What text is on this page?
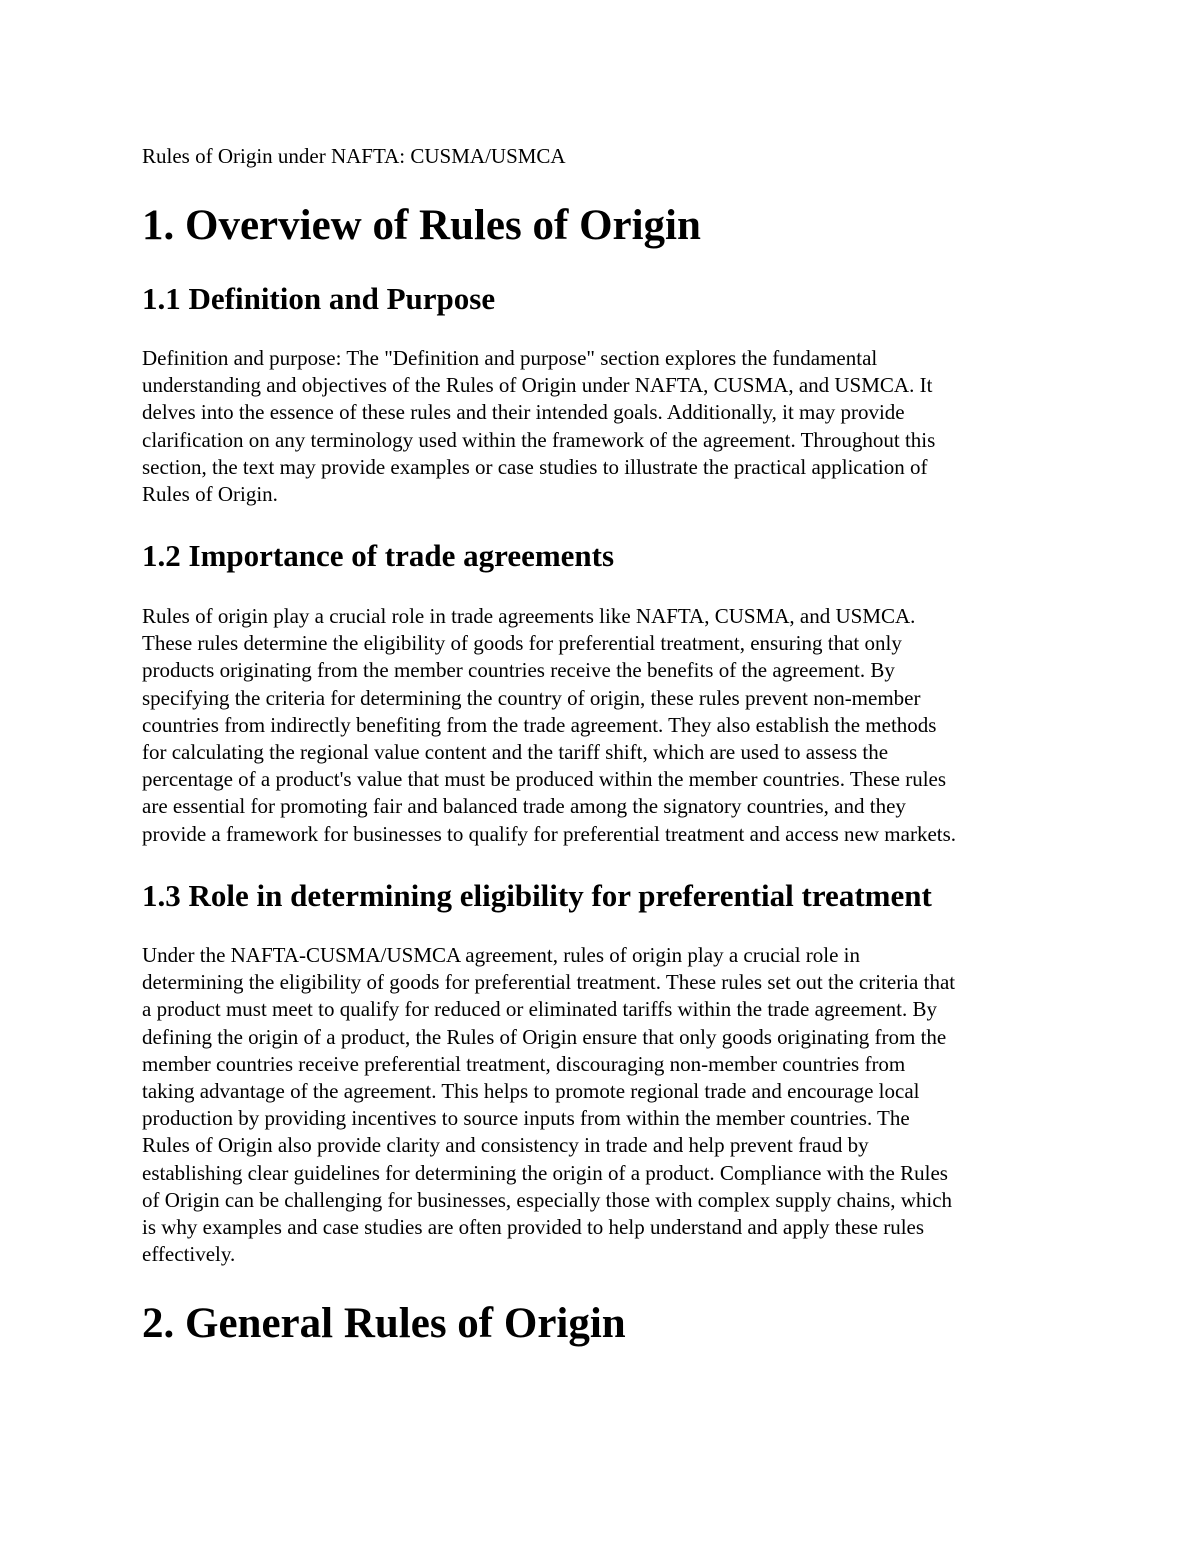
Rules of Origin under NAFTA: CUSMA/USMCA
1. Overview of Rules of Origin
1.1 Definition and Purpose
Definition and purpose: The "Definition and purpose" section explores the fundamental
understanding and objectives of the Rules of Origin under NAFTA, CUSMA, and USMCA. It
delves into the essence of these rules and their intended goals. Additionally, it may provide
clarification on any terminology used within the framework of the agreement. Throughout this
section, the text may provide examples or case studies to illustrate the practical application of
Rules of Origin.
1.2 Importance of trade agreements
Rules of origin play a crucial role in trade agreements like NAFTA, CUSMA, and USMCA.
These rules determine the eligibility of goods for preferential treatment, ensuring that only
products originating from the member countries receive the benefits of the agreement. By
specifying the criteria for determining the country of origin, these rules prevent non-member
countries from indirectly benefiting from the trade agreement. They also establish the methods
for calculating the regional value content and the tariff shift, which are used to assess the
percentage of a product's value that must be produced within the member countries. These rules
are essential for promoting fair and balanced trade among the signatory countries, and they
provide a framework for businesses to qualify for preferential treatment and access new markets.
1.3 Role in determining eligibility for preferential treatment
Under the NAFTA-CUSMA/USMCA agreement, rules of origin play a crucial role in
determining the eligibility of goods for preferential treatment. These rules set out the criteria that
a product must meet to qualify for reduced or eliminated tariffs within the trade agreement. By
defining the origin of a product, the Rules of Origin ensure that only goods originating from the
member countries receive preferential treatment, discouraging non-member countries from
taking advantage of the agreement. This helps to promote regional trade and encourage local
production by providing incentives to source inputs from within the member countries. The
Rules of Origin also provide clarity and consistency in trade and help prevent fraud by
establishing clear guidelines for determining the origin of a product. Compliance with the Rules
of Origin can be challenging for businesses, especially those with complex supply chains, which
is why examples and case studies are often provided to help understand and apply these rules
effectively.
2. General Rules of Origin
